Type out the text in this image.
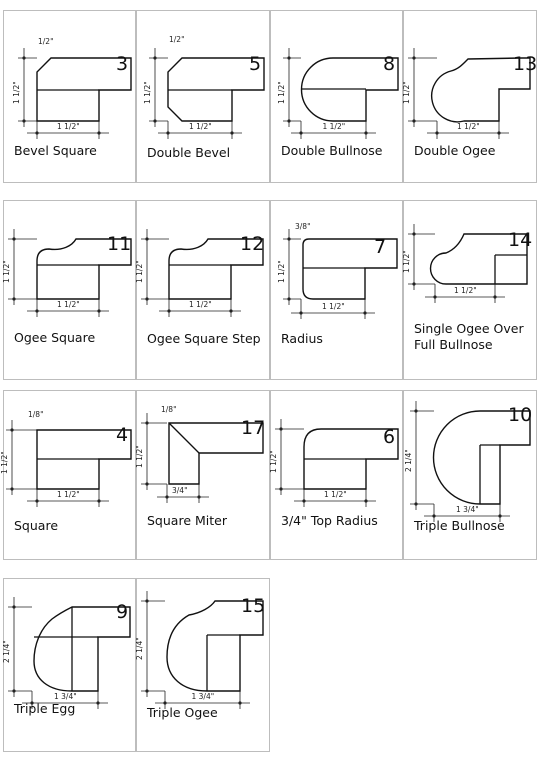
3
1/2"
1 1/2"
1 1/2"
Bevel Square
5
1/2"
1 1/2"
1 1/2"
Double Bevel
8
1 1/2"
1 1/2"
Double Bullnose
13
1 1/2"
1 1/2"
Double Ogee
11
1 1/2"
1 1/2"
Ogee Square
12
1 1/2"
1 1/2"
Ogee Square Step
7
3/8"
1 1/2"
1 1/2"
Radius
14
1 1/2"
1 1/2"
Single Ogee Over
Full Bullnose
4
1/8"
1 1/2"
1 1/2"
Square
17
1/8"
1 1/2"
3/4"
Square Miter
6
1 1/2"
1 1/2"
3/4" Top Radius
10
2 1/4"
1 3/4"
Triple Bullnose
9
2 1/4"
1 3/4"
Triple Egg
15
2 1/4"
1 3/4"
Triple Ogee
